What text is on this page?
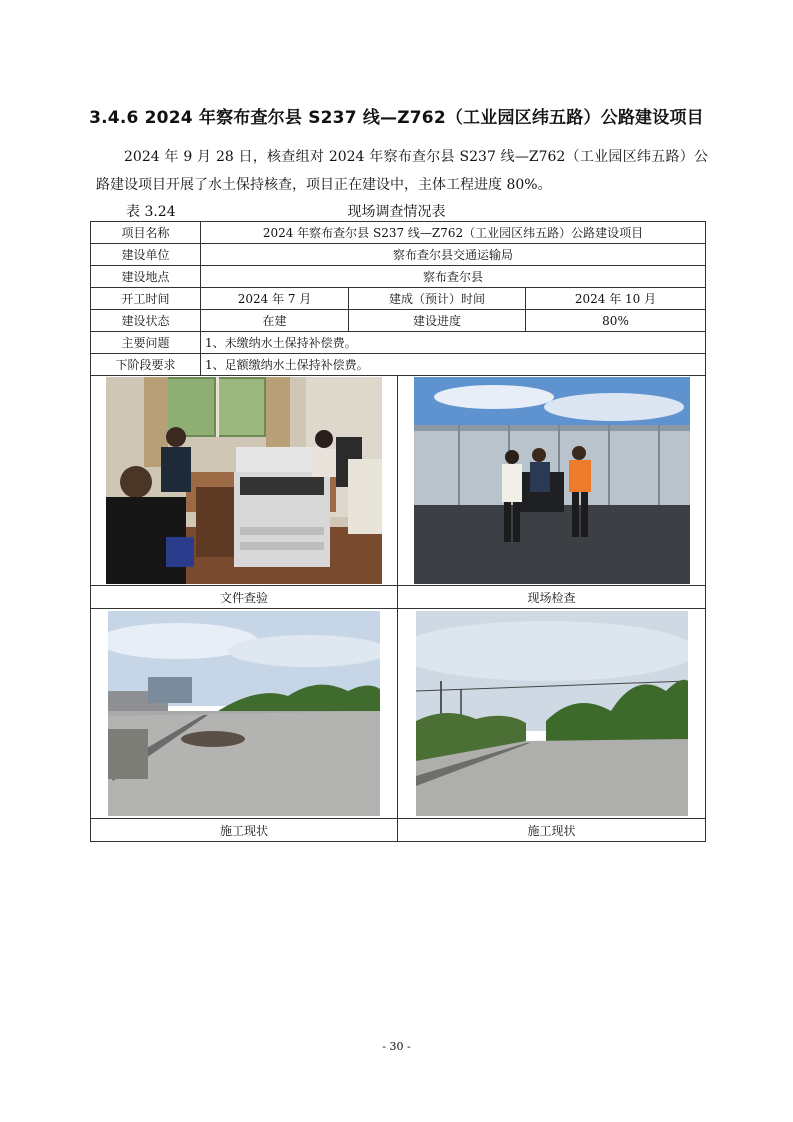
3.4.6 2024 年察布查尔县 S237 线—Z762（工业园区纬五路）公路建设项目
2024 年 9 月 28 日，核查组对 2024 年察布查尔县 S237 线—Z762（工业园区纬五路）公路建设项目开展了水土保持核查，项目正在建设中，主体工程进度 80%。
表 3.24	现场调查情况表
项目名称	2024 年察布查尔县 S237 线—Z762（工业园区纬五路）公路建设项目		
建设单位	察布查尔县交通运输局		
建设地点	察布查尔县		
开工时间	2024 年 7 月	建成（预计）时间	2024 年 10 月
建设状态	在建	建设进度	80%
主要问题	1、未缴纳水土保持补偿费。		
下阶段要求	1、足额缴纳水土保持补偿费。		

文件查验	现场检查

施工现状	施工现状
- 30 -
